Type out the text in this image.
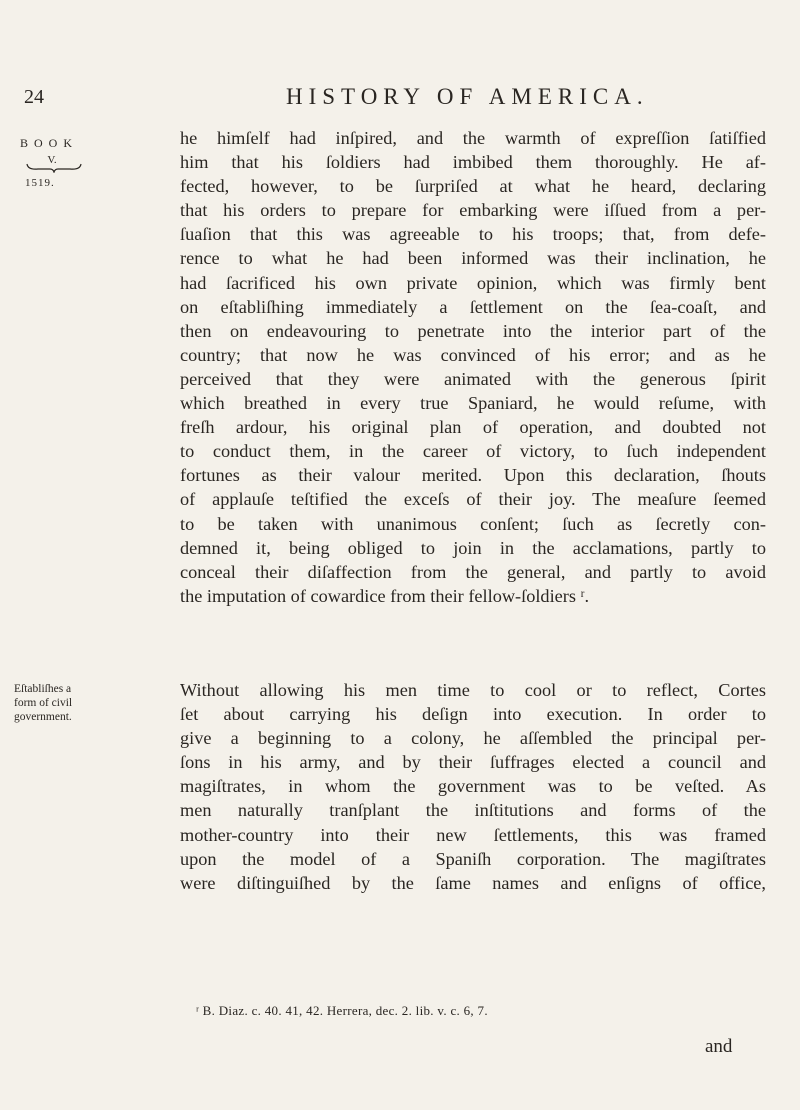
24	HISTORY OF AMERICA.
BOOK
V.
1519.
Eſtabliſhes a
form of civil
government.
he himſelf had inſpired, and the warmth of expreſſion ſatiſfied
him that his ſoldiers had imbibed them thoroughly. He af-
fected, however, to be ſurpriſed at what he heard, declaring
that his orders to prepare for embarking were iſſued from a per-
ſuaſion that this was agreeable to his troops; that, from defe-
rence to what he had been informed was their inclination, he
had ſacrificed his own private opinion, which was firmly bent
on eſtabliſhing immediately a ſettlement on the ſea-coaſt, and
then on endeavouring to penetrate into the interior part of the
country; that now he was convinced of his error; and as he
perceived that they were animated with the generous ſpirit
which breathed in every true Spaniard, he would reſume, with
freſh ardour, his original plan of operation, and doubted not
to conduct them, in the career of victory, to ſuch independent
fortunes as their valour merited. Upon this declaration, ſhouts
of applauſe teſtified the exceſs of their joy. The meaſure ſeemed
to be taken with unanimous conſent; ſuch as ſecretly con-
demned it, being obliged to join in the acclamations, partly to
conceal their diſaffection from the general, and partly to avoid
the imputation of cowardice from their fellow-ſoldiers ʳ.
Without allowing his men time to cool or to reflect, Cortes
ſet about carrying his deſign into execution. In order to
give a beginning to a colony, he aſſembled the principal per-
ſons in his army, and by their ſuffrages elected a council and
magiſtrates, in whom the government was to be veſted. As
men naturally tranſplant the inſtitutions and forms of the
mother-country into their new ſettlements, this was framed
upon the model of a Spaniſh corporation. The magiſtrates
were diſtinguiſhed by the ſame names and enſigns of office,
ʳ B. Diaz. c. 40. 41, 42. Herrera, dec. 2. lib. v. c. 6, 7.
and
